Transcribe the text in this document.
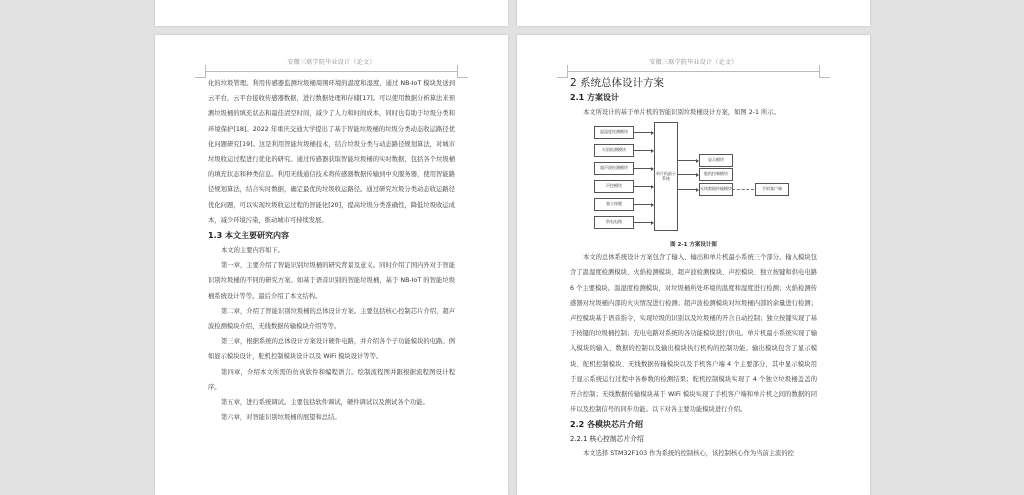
安徽三联学院毕业设计（论文）

化的垃圾管理。利用传感器监测垃圾桶周围环境的温度和湿度，通过 NB-IoT 模块发送到云平台，云平台接收传感器数据，进行数据处理和存储[17]。可以使用数据分析算法来预测垃圾桶的填充状态和最佳清空时间，减少了人力和时间成本，同时也有助于垃圾分类和环境保护[18]。2022 年重庆交通大学提出了基于智能垃圾桶的垃圾分类动态收运路径优化问题研究[19]。这是利用智能垃圾桶技术，结合垃圾分类与动态路径规划算法，对城市垃圾收运过程进行优化的研究。通过传感器获取智能垃圾桶的实时数据，包括各个垃圾桶的填充状态和种类信息。利用无线通信技术将传感器数据传输到中央服务器，使用智能路径规划算法，结合实时数据，确定最优的垃圾收运路径。通过研究垃圾分类动态收运路径优化问题，可以实现垃圾收运过程的智能化[20]，提高垃圾分类准确性，降低垃圾收运成本，减少环境污染，推动城市可持续发展。

1.3 本文主要研究内容

本文的主要内容如下。

第一章，主要介绍了智能识别垃圾桶的研究背景及意义。同时介绍了国内外对于智能识别垃圾桶的不同的研究方案。如基于语音识别的智能垃圾桶，基于 NB-IoT 的智能垃圾桶系统设计等等。最后介绍了本文结构。

第二章，介绍了智能识别垃圾桶的总体设计方案。主要包括核心控制芯片介绍、超声波检测模块介绍、无线数据传输模块介绍等等。

第三章，根据系统的总体设计方案设计硬件电路，并介绍各个子功能模块的电路。例如显示模块设计，舵机控制模块设计以及 WiFi 模块设计等等。

第四章，介绍本文所需的仿真软件和编程语言。绘制流程图并跟根据流程图设计程序。

第五章，进行系统调试。主要包括软件调试，硬件调试以及测试各个功能。

第六章，对智能识别垃圾桶的展望和总结。

安徽三联学院毕业设计（论文）

2 系统总体设计方案

2.1 方案设计

本文所设计的基于单片机的智能识别垃圾桶设计方案，如图 2-1 所示。

温湿度检测模块
火焰检测模块
超声波检测模块
声控模块
独立按键
供电电路
单片机最小系统
显示模块
舵机控制模块
无线数据传输模块	手机客户端
图 2-1 方案设计图

本文的总体系统设计方案包含了输入、输出和单片机最小系统三个部分。输入模块包含了温湿度检测模块、火焰检测模块、超声波检测模块、声控模块、独立按键和供电电路 6 个主要模块。温湿度检测模块，对垃圾桶所处环境的温度和湿度进行检测；火焰检测传感器对垃圾桶内部的火灾情况进行检测；超声波检测模块对垃圾桶内部的余量进行检测；声控模块基于语音指令，实现垃圾的识别以及垃圾桶的开合自动控制；独立按键实现了基于按键的垃圾桶控制；充电电路对系统的各功能模块进行供电。单片机最小系统实现了输入模块的输入、数据的控制以及输出模块执行机构的控制功能。输出模块包含了显示模块、舵机控制模块、无线数据传输模块以及手机客户端 4 个主要部分，其中显示模块用于显示系统运行过程中各参数的检测结果；舵机控制模块实现了 4 个独立垃圾桶盖盖的开合控制；无线数据传输模块基于 WiFi 模块实现了手机客户端和单片机之间的数据的同步以及控制信号的同步功能。以下对各主要功能模块进行介绍。

2.2 各模块芯片介绍

2.2.1 核心控制芯片介绍

本文选择 STM32F103 作为系统的控制核心，该控制核心作为当前主流的控
